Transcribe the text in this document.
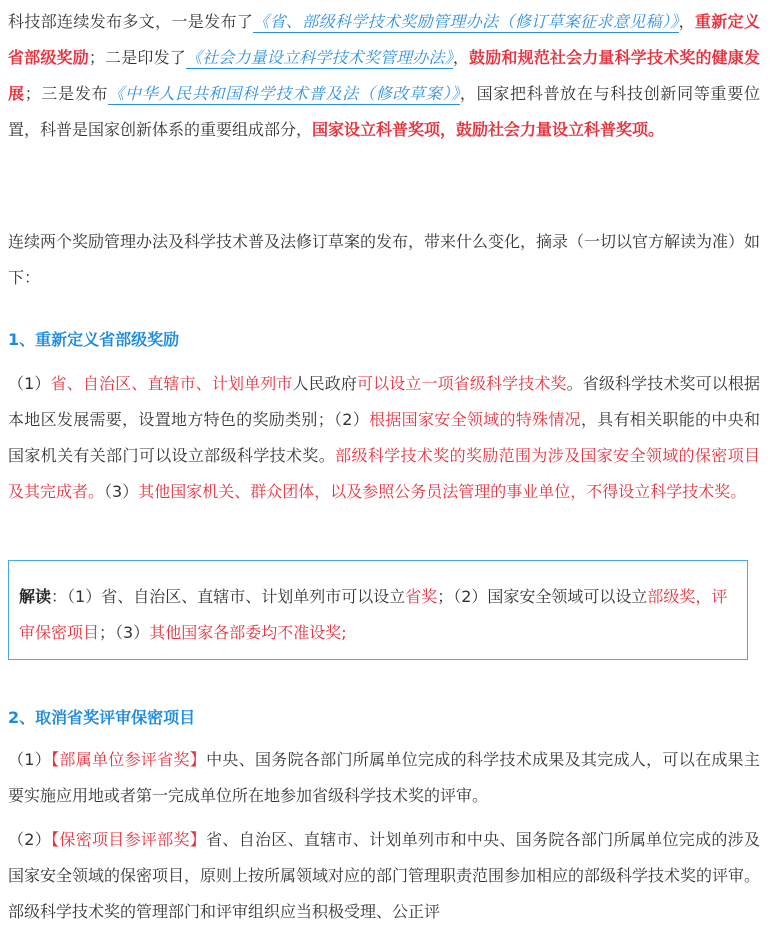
科技部连续发布多文，一是发布了《省、部级科学技术奖励管理办法（修订草案征求意见稿）》，重新定义省部级奖励；二是印发了《社会力量设立科学技术奖管理办法》，鼓励和规范社会力量科学技术奖的健康发展；三是发布《中华人民共和国科学技术普及法（修改草案）》，国家把科普放在与科技创新同等重要位置，科普是国家创新体系的重要组成部分，国家设立科普奖项，鼓励社会力量设立科普奖项。
连续两个奖励管理办法及科学技术普及法修订草案的发布，带来什么变化，摘录（一切以官方解读为准）如下：
1、重新定义省部级奖励
（1）省、自治区、直辖市、计划单列市人民政府可以设立一项省级科学技术奖。省级科学技术奖可以根据本地区发展需要，设置地方特色的奖励类别；（2）根据国家安全领域的特殊情况，具有相关职能的中央和国家机关有关部门可以设立部级科学技术奖。部级科学技术奖的奖励范围为涉及国家安全领域的保密项目及其完成者。（3）其他国家机关、群众团体，以及参照公务员法管理的事业单位，不得设立科学技术奖。
解读：（1）省、自治区、直辖市、计划单列市可以设立省奖；（2）国家安全领域可以设立部级奖，评审保密项目；（3）其他国家各部委均不准设奖;
2、取消省奖评审保密项目
（1）【部属单位参评省奖】中央、国务院各部门所属单位完成的科学技术成果及其完成人，可以在成果主要实施应用地或者第一完成单位所在地参加省级科学技术奖的评审。
（2）【保密项目参评部奖】省、自治区、直辖市、计划单列市和中央、国务院各部门所属单位完成的涉及国家安全领域的保密项目，原则上按所属领域对应的部门管理职责范围参加相应的部级科学技术奖的评审。部级科学技术奖的管理部门和评审组织应当积极受理、公正评
